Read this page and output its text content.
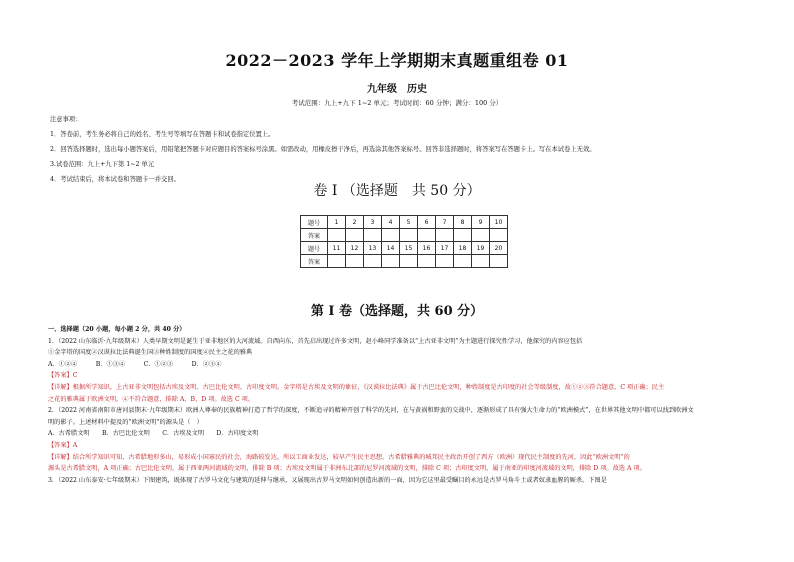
2022－2023 学年上学期期末真题重组卷 01
九年级　历史
考试范围：九上+九下 1~2 单元；考试时间：60 分钟；满分：100 分）
注意事项：
1．答卷前，考生务必将自己的姓名、考生号等填写在答题卡和试卷指定位置上。
2．回答选择题时，选出每小题答案后，用铅笔把答题卡对应题目的答案标号涂黑。如需改动，用橡皮擦干净后，再选涂其他答案标号。回答非选择题时，将答案写在答题卡上。写在本试卷上无效。
3.试卷范围：九上+九下第 1~2 单元
4．考试结束后，将本试卷和答题卡一并交回。
卷 I （选择题　共 50 分）
题号	1	2	3	4	5	6	7	8	9	10
答案										
题号	11	12	13	14	15	16	17	18	19	20
答案										
第 I 卷（选择题，共 60 分）
一、选择题（20 小题，每小题 2 分，共 40 分）
1．（2022 山东临沂·九年级期末）人类早期文明是诞生于亚非地区的大河流域。自西向东，首先启出现过许多文明，赵小峰同学准备以“上古亚非文明”为主题进行探究性学习，他探究的内容应包括
①金字塔的国度②汉谟拉比法典诞生国③种姓制度的国度④民主之花的雅典
A．①②④　　　B．①③④　　　C．①②③　　　D．②③④
【答案】C
【详解】根据所学知识，上古亚非文明包括古埃及文明、古巴比伦文明、古印度文明。金字塔是古埃及文明的象征，《汉谟拉比法典》属于古巴比伦文明，种姓制度是古印度的社会等级制度，故①②③符合题意，C 项正确；民主
之花的雅典属于欧洲文明，④不符合题意，排除 A、B、D 项。故选 C 项。
2．（2022 河南省南阳市唐河县期末·九年级期末）欧洲人尊奉的民族精神打造了哲学的深度，不断追寻的精神开创了科学的先河，在与黄祸和野蛮的交战中，逐渐形成了具有强大生命力的“欧洲模式”，在世界其他文明中都可以找到欧洲文
明的影子。上述材料中提及的“欧洲文明”的源头是（　）
A．古希腊文明　　B．古巴比伦文明　　C．古埃及文明　　D．古印度文明
【答案】A
【详解】结合所学知识可知，古希腊地形多山，易形成小国寡民的社会，海路较发达，所以工商业发达，较早产生民主思想。古希腊雅典的城邦民主政治开创了西方（欧洲）现代民主制度的先河，因此“欧洲文明”的
源头是古希腊文明，A 项正确；古巴比伦文明，属于西亚两河流域的文明，排除 B 项；古埃及文明属于非洲东北部的尼罗河流域的文明，排除 C 项；古印度文明，属于南亚的印度河流域的文明，排除 D 项。故选 A 项。
3．（2022 山东泰安·七年级期末）下图建筑，既体现了古罗马文化与建筑的延伸与继承，又展现出古罗马文明如何创造出新的一面，因为它这里最受瞩目的永远是古罗马角斗士或者奴隶血腥的厮杀。下图是
